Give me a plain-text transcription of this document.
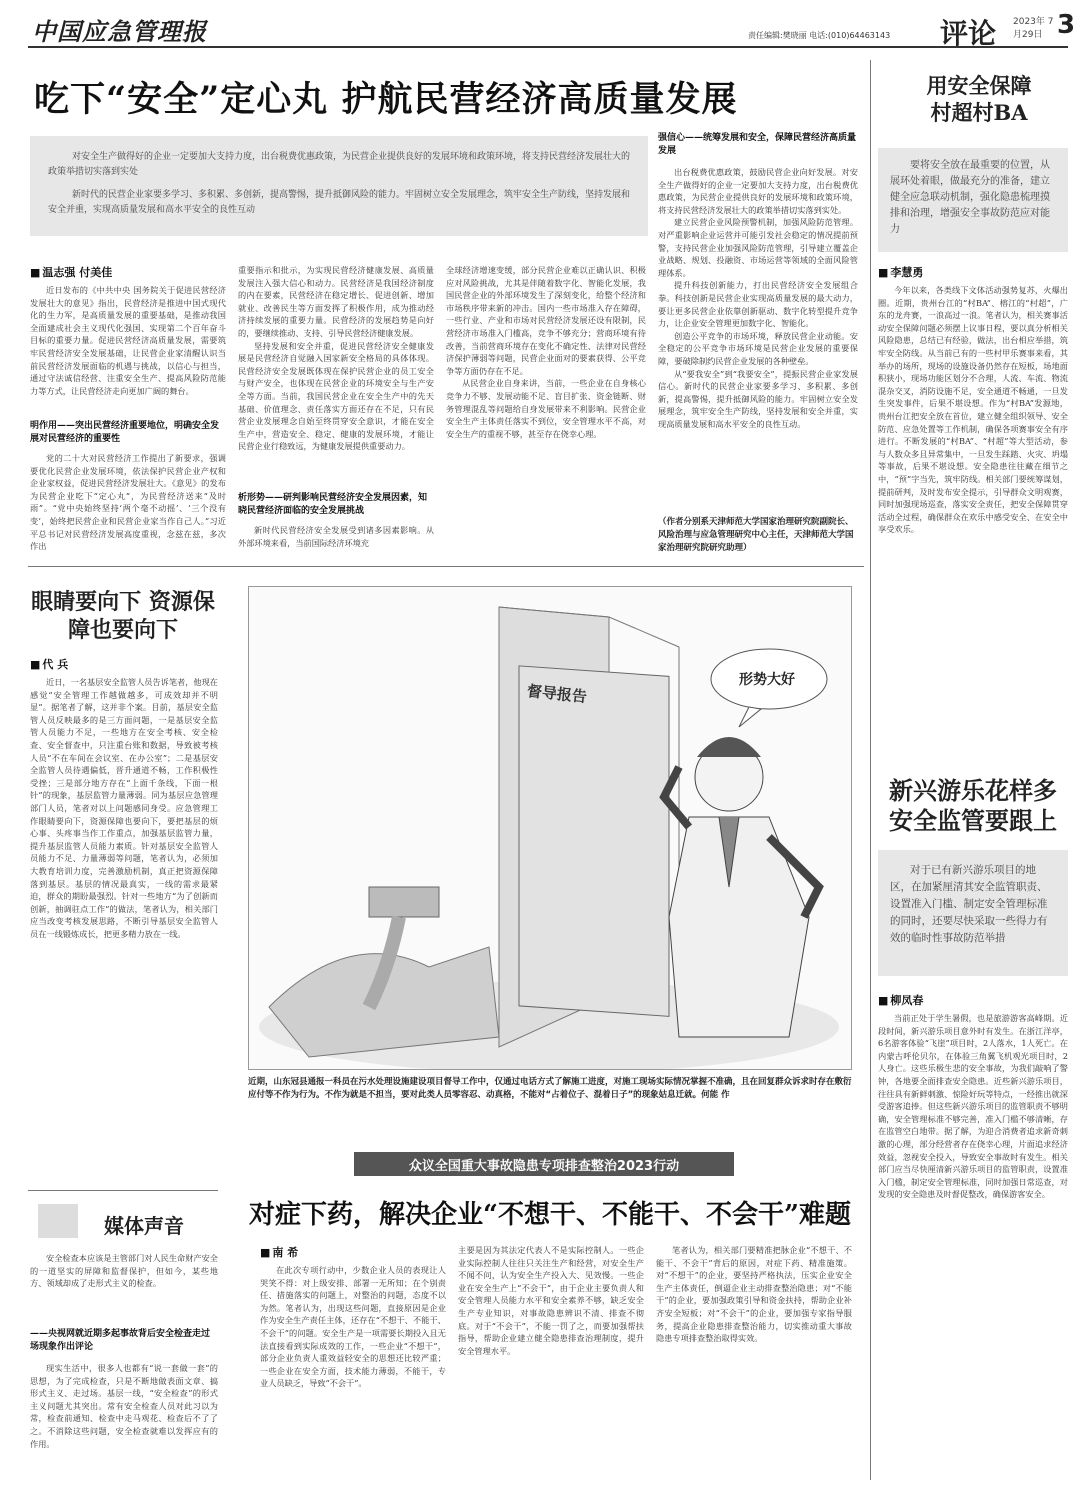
中国应急管理报	责任编辑:樊晓丽 电话:(010)64463143 评论 2023年 7月29日 3
吃下“安全”定心丸 护航民营经济高质量发展
对安全生产做得好的企业一定要加大支持力度，出台税费优惠政策，为民营企业提供良好的发展环境和政策环境，将支持民营经济发展壮大的政策举措切实落到实处
新时代的民营企业家要多学习、多积累、多创新，提高警惕，提升抵御风险的能力。牢固树立安全发展理念，筑牢安全生产防线，坚持发展和安全并重，实现高质量发展和高水平安全的良性互动
强信心——统筹发展和安全，保障民营经济高质量发展

出台税费优惠政策，鼓励民营企业向好发展。对安全生产做得好的企业一定要加大支持力度，出台税费优惠政策，为民营企业提供良好的发展环境和政策环境，将支持民营经济发展壮大的政策举措切实落到实处。

建立民营企业风险预警机制，加强风险防范管理。对严重影响企业运营并可能引发社会稳定的情况提前预警，支持民营企业加强风险防范管理，引导建立覆盖企业战略、规划、投融资、市场运营等领域的全面风险管理体系。

提升科技创新能力，打出民营经济安全发展组合拳。科技创新是民营企业实现高质量发展的最大动力，要让更多民营企业依靠创新驱动、数字化转型提升竞争力，让企业安全管理更加数字化、智能化。

创造公平竞争的市场环境，释放民营企业动能。安全稳定的公平竞争市场环境是民营企业发展的重要保障，要破除制约民营企业发展的各种壁垒。

从“要我安全”到“我要安全”，提振民营企业家发展信心。新时代的民营企业家要多学习、多积累、多创新，提高警惕，提升抵御风险的能力。牢固树立安全发展理念，筑牢安全生产防线，坚持发展和安全并重，实现高质量发展和高水平安全的良性互动。

（作者分别系天津师范大学国家治理研究院副院长、风险治理与应急管理研究中心主任，天津师范大学国家治理研究院研究助理）
■ 温志强 付美佳

近日发布的《中共中央 国务院关于促进民营经济发展壮大的意见》指出，民营经济是推进中国式现代化的生力军，是高质量发展的重要基础，是推动我国全面建成社会主义现代化强国、实现第二个百年奋斗目标的重要力量。促进民营经济高质量发展，需要筑牢民营经济安全发展基础，让民营企业家清醒认识当前民营经济发展面临的机遇与挑战，以信心与担当，通过守法诚信经营、注重安全生产、提高风险防范能力等方式，让民营经济走向更加广阔的舞台。

明作用——突出民营经济重要地位，明确安全发展对民营经济的重要性

党的二十大对民营经济工作提出了新要求，强调要优化民营企业发展环境，依法保护民营企业产权和企业家权益，促进民营经济发展壮大。《意见》的发布为民营企业吃下“定心丸”，为民营经济送来“及时雨”。“党中央始终坚持‘两个毫不动摇’、‘三个没有变’，始终把民营企业和民营企业家当作自己人。”习近平总书记对民营经济发展高度重视，念兹在兹，多次作出

重要指示和批示，为实现民营经济健康发展、高质量发展注入强大信心和动力。民营经济是我国经济制度的内在要素，民营经济在稳定增长、促进创新、增加就业、改善民生等方面发挥了积极作用，成为推动经济持续发展的重要力量。民营经济的发展趋势是向好的，要继续推动、支持、引导民营经济健康发展。

坚持发展和安全并重，促进民营经济安全健康发展是民营经济自觉融入国家新安全格局的具体体现。民营经济安全发展既体现在保护民营企业的员工安全与财产安全，也体现在民营企业的环境安全与生产安全等方面。当前，我国民营企业在安全生产中的先天基础、价值理念、责任落实方面还存在不足，只有民营企业发展理念自始至终贯穿安全意识，才能在安全生产中，营造安全、稳定、健康的发展环境，才能让民营企业行稳致远，为健康发展提供重要动力。

析形势——研判影响民营经济安全发展因素，知晓民营经济面临的安全发展挑战

新时代民营经济安全发展受到诸多因素影响。从外部环境来看，当前国际经济环境充

全球经济增速变缓，部分民营企业难以正确认识、积极应对风险挑战，尤其是伴随着数字化、智能化发展，我国民营企业的外部环境发生了深刻变化，给整个经济和市场秩序带来新的冲击。国内一些市场准入存在障碍，一些行业、产业和市场对民营经济发展还设有限制，民营经济市场准入门槛高，竞争不够充分；营商环境有待改善，当前营商环境存在变化不确定性、法律对民营经济保护薄弱等问题，民营企业面对的要素获得、公平竞争等方面仍存在不足。

从民营企业自身来讲，当前，一些企业在自身核心竞争力不够、发展动能不足、盲目扩张、资金链断、财务管理混乱等问题给自身发展带来不利影响。民营企业安全生产主体责任落实不到位，安全管理水平不高，对安全生产的重视不够，甚至存在侥幸心理。

用安全保障村超村BA
要将安全放在最重要的位置，从展环处着眼，做最充分的准备，建立健全应急联动机制，强化隐患梳理摸排和治理，增强安全事故防范应对能力
■ 李慧勇
今年以来，各类线下文体活动强势复苏，火爆出圈。近期，贵州台江的“村BA”、榕江的“村超”，广东的龙舟赛，一浪高过一浪。笔者认为，相关赛事活动安全保障问题必须摆上议事日程，要以真分析相关风险隐患，总结已有经验，做法，出台相应举措，筑牢安全防线。从当前已有的一些村甲乐赛事来看，其举办的场所，现场的设施设备仍然存在短板，场地面积狭小，现场功能区划分不合理，人流、车流、物流混杂交叉，消防设施不足，安全通道不畅通，一旦发生突发事件，后果不堪设想。作为“村BA”发源地，贵州台江把安全放在首位，建立健全组织领导、安全防范、应急处置等工作机制，确保各项赛事安全有序进行。不断发展的“村BA”、“村超”等大型活动，参与人数众多且异常集中，一旦发生踩踏、火灾、坍塌等事故，后果不堪设想。安全隐患往往藏在细节之中，“预”字当先，筑牢防线。相关部门要统筹谋划，提前研判，及时发布安全提示，引导群众文明观赛，同时加强现场巡查，落实安全责任，把安全保障贯穿活动全过程，确保群众在欢乐中感受安全、在安全中享受欢乐。
新兴游乐花样多 安全监管要跟上
对于已有新兴游乐项目的地区，在加紧厘清其安全监管职责、设置准入门槛、制定安全管理标准的同时，还要尽快采取一些得力有效的临时性事故防范举措
■ 柳凤春
当前正处于学生暑假，也是旅游游客高峰期。近段时间，新兴游乐项目意外时有发生。在浙江洋亭，6名游客体验“飞崖”项目时，2人落水，1人死亡。在内蒙古呼伦贝尔，在体验三角翼飞机观光项目时，2人身亡。这些乐极生悲的安全事故，为我们敲响了警钟，各地要全面排查安全隐患。近些新兴游乐项目，往往具有新鲜刺激、惊险好玩等特点，一经推出就深受游客追捧。但这些新兴游乐项目的监管职责不够明确，安全管理标准不够完善，准入门槛不够清晰，存在监管空白地带。据了解，为迎合消费者追求新奇刺激的心理，部分经营者存在侥幸心理，片面追求经济效益，忽视安全投入，导致安全事故时有发生。相关部门应当尽快厘清新兴游乐项目的监管职责，设置准入门槛，制定安全管理标准，同时加强日常巡查，对发现的安全隐患及时督促整改，确保游客安全。
眼睛要向下 资源保障也要向下
■ 代 兵
近日，一名基层安全监管人员告诉笔者，他现在感觉“安全管理工作越做越多，可成效却并不明显”。据笔者了解，这并非个案。目前，基层安全监管人员反映最多的是三方面问题，一是基层安全监管人员能力不足，一些地方在安全考核、安全检查、安全督查中，只注重台账和数据，导致被考核人员“不在车间在会议室、在办公室”；二是基层安全监管人员待遇偏低，晋升通道不畅，工作积极性受挫；三是部分地方存在“上面千条线，下面一根针”的现象，基层监管力量薄弱。同为基层应急管理部门人员，笔者对以上问题感同身受。应急管理工作眼睛要向下，资源保障也要向下，要把基层的烦心事、头疼事当作工作重点，加强基层监管力量，提升基层监管人员能力素质。针对基层安全监管人员能力不足、力量薄弱等问题，笔者认为，必须加大教育培训力度，完善激励机制，真正把资源保障落到基层。基层的情况最真实，一线的需求最紧迫，群众的期盼最强烈。针对一些地方“为了创新而创新，抽调驻点工作”的做法，笔者认为，相关部门应当改变考核发展思路，不断引导基层安全监管人员在一线锻炼成长，把更多精力放在一线。
媒体声音
安全检查本应该是主管部门对人民生命财产安全的一道坚实的屏障和监督保护，但如今，某些地方、领域却成了走形式主义的检查。
——央视网就近期多起事故背后安全检查走过场现象作出评论
现实生活中，很多人也都有“说一套做一套”的思想，为了完成检查，只是不断地做表面文章、搞形式主义、走过场。基层一线，“安全检查”的形式主义问题尤其突出。常有安全检查人员对此习以为常，检查前通知、检查中走马观花、检查后不了了之。不消除这些问题，安全检查就难以发挥应有的作用。
督导报告
形势大好
近期，山东冠县通报一科员在污水处理设施建设项目督导工作中，仅通过电话方式了解施工进度，对施工现场实际情况掌握不准确，且在回复群众诉求时存在敷衍应付等不作为行为。不作为就是不担当，要对此类人员零容忍、动真格，不能对“占着位子、混着日子”的现象姑息迁就。何能 作
众议全国重大事故隐患专项排查整治2023行动
对症下药，解决企业“不想干、不能干、不会干”难题
■ 南 希
在此次专项行动中，少数企业人员的表现让人哭笑不得：对上级安排、部署一无所知；在个别责任、措施落实的问题上，对整治的问题，态度不以为然。笔者认为，出现这些问题，直接原因是企业作为安全生产责任主体，还存在“不想干、不能干、不会干”的问题。安全生产是一项需要长期投入且无法直接看到实际成效的工作，一些企业“不想干”，部分企业负责人重效益轻安全的思想还比较严重；一些企业在安全方面，技术能力薄弱，不能干，专业人员缺乏，导致“不会干”。
主要是因为其法定代表人不是实际控制人。一些企业实际控制人往往只关注生产和经营，对安全生产不闻不问，认为安全生产投入大、见效慢。一些企业在安全生产上“不会干”，由于企业主要负责人和安全管理人员能力水平和安全素养不够，缺乏安全生产专业知识，对事故隐患辨识不清、排查不彻底。对于“不会干”，不能一罚了之，而要加强帮扶指导，帮助企业建立健全隐患排查治理制度，提升安全管理水平。
笔者认为，相关部门要精准把脉企业“不想干、不能干、不会干”背后的原因，对症下药、精准施策。对“不想干”的企业，要坚持严格执法，压实企业安全生产主体责任，倒逼企业主动排查整治隐患；对“不能干”的企业，要加强政策引导和资金扶持，帮助企业补齐安全短板；对“不会干”的企业，要加强专家指导服务，提高企业隐患排查整治能力，切实推动重大事故隐患专项排查整治取得实效。
